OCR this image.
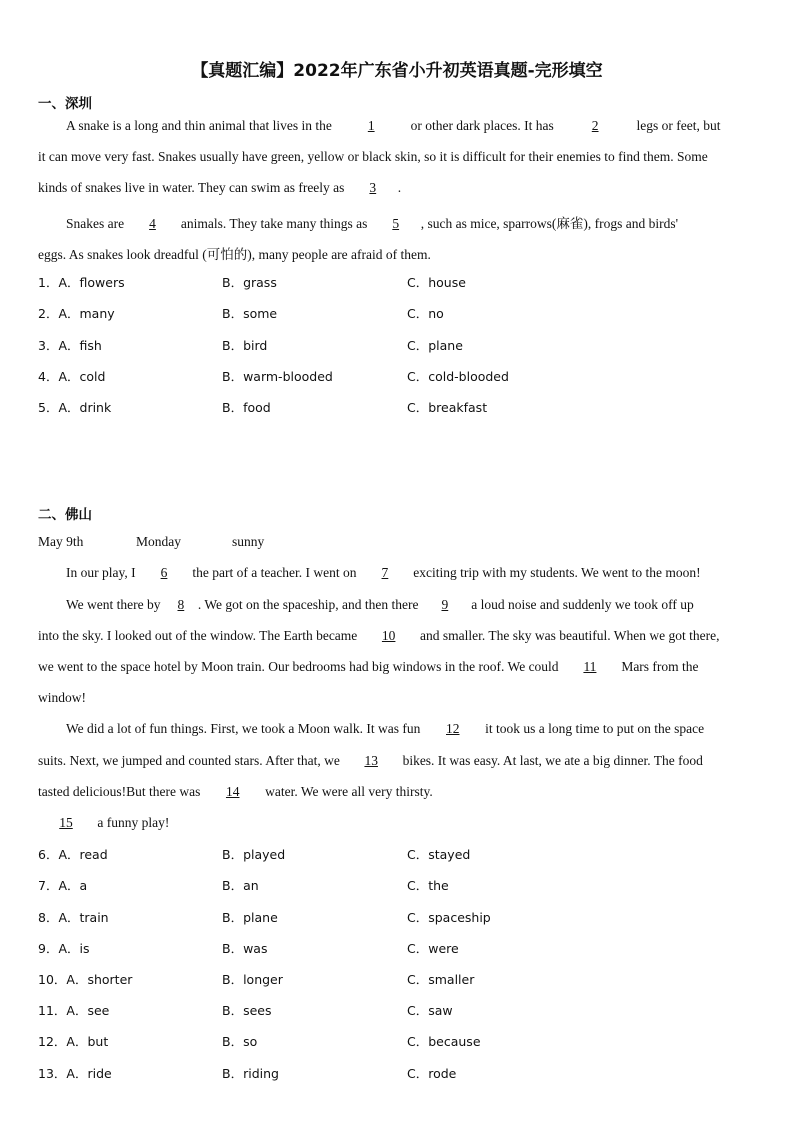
【真题汇编】2022年广东省小升初英语真题-完形填空
一、深圳
A snake is a long and thin animal that lives in the 1 or other dark places. It has	2	legs or feet, but
it can move very fast. Snakes usually have green, yellow or black skin, so it is difficult for their enemies to find them. Some
kinds of snakes live in water. They can swim as freely as 3 .
Snakes are 4 animals. They take many things as 5 , such as mice, sparrows(麻雀), frogs and birds'
eggs. As snakes look dreadful (可怕的), many people are afraid of them.
1．A．flowers	B．grass	C．house
2．A．many	B．some	C．no
3．A．fish	B．bird	C．plane
4．A．cold	B．warm-blooded	C．cold-blooded
5．A．drink	B．food	C．breakfast
二、佛山
May 9th	Monday	sunny
In our play, I 6 the part of a teacher. I went on 7 exciting trip with my students. We went to the moon!
We went there by 8 . We got on the spaceship, and then there 9 a loud noise and suddenly we took off up
into the sky. I looked out of the window. The Earth became 10 and smaller. The sky was beautiful. When we got there,
we went to the space hotel by Moon train. Our bedrooms had big windows in the roof. We could 11 Mars from the
window!
We did a lot of fun things. First, we took a Moon walk. It was fun 12 it took us a long time to put on the space
suits. Next, we jumped and counted stars. After that, we 13 bikes. It was easy. At last, we ate a big dinner. The food
tasted delicious!But there was 14 water. We were all very thirsty.
15 a funny play!
6．A．read	B．played	C．stayed
7．A．a	B．an	C．the
8．A．train	B．plane	C．spaceship
9．A．is	B．was	C．were
10．A．shorter	B．longer	C．smaller
11．A．see	B．sees	C．saw
12．A．but	B．so	C．because
13．A．ride	B．riding	C．rode
